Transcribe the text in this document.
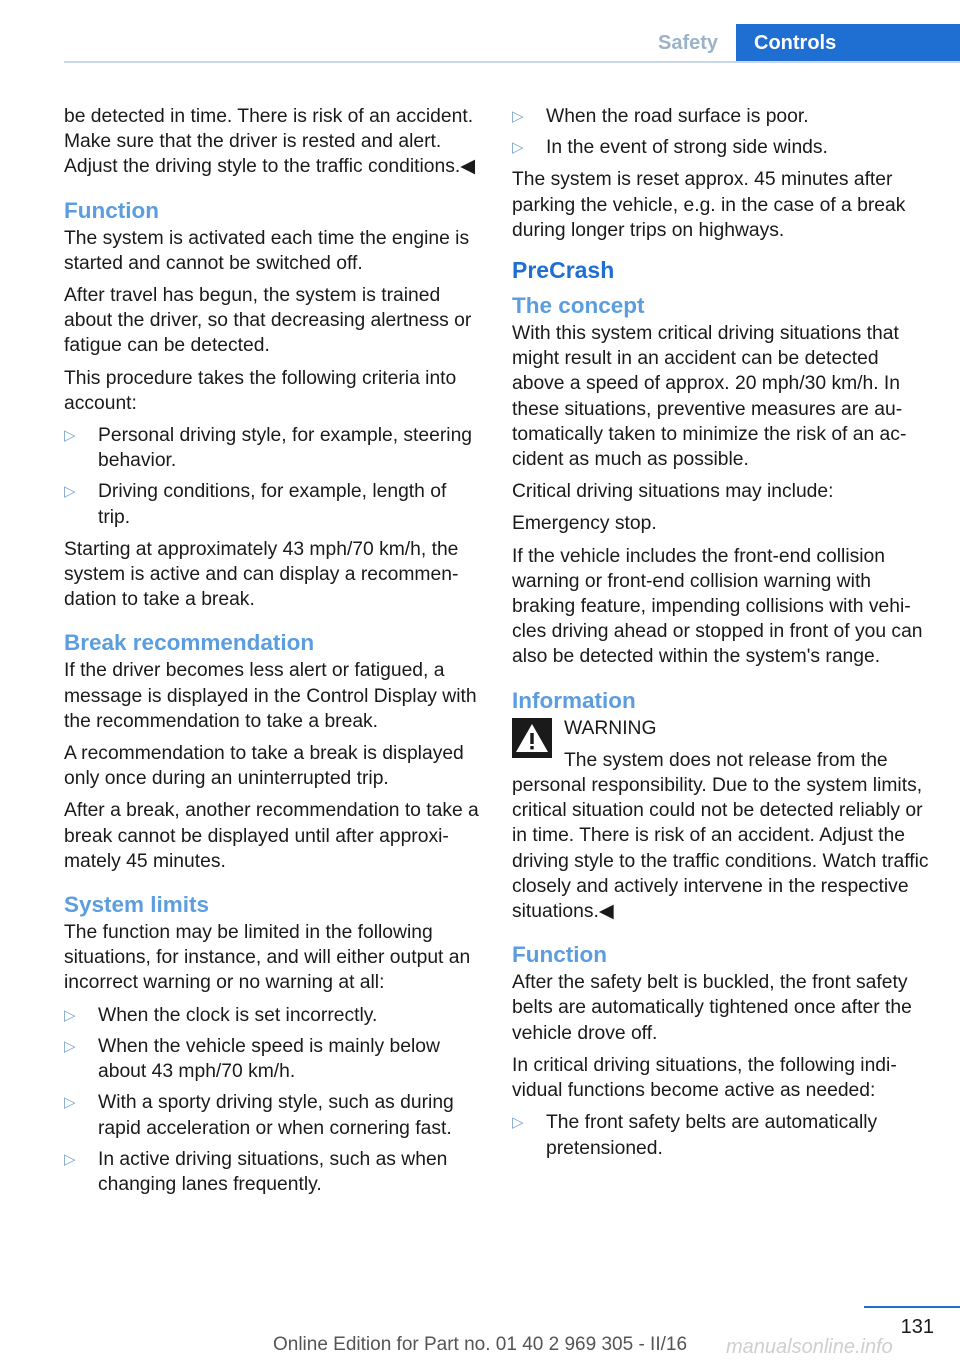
Safety	Controls

be detected in time. There is risk of an accident. Make sure that the driver is rested and alert. Adjust the driving style to the traffic conditions.◀

Function

The system is activated each time the engine is started and cannot be switched off.

After travel has begun, the system is trained about the driver, so that decreasing alertness or fatigue can be detected.

This procedure takes the following criteria into account:

▷ Personal driving style, for example, steering behavior.
▷ Driving conditions, for example, length of trip.

Starting at approximately 43 mph/70 km/h, the system is active and can display a recommendation to take a break.

Break recommendation

If the driver becomes less alert or fatigued, a message is displayed in the Control Display with the recommendation to take a break.

A recommendation to take a break is displayed only once during an uninterrupted trip.

After a break, another recommendation to take a break cannot be displayed until after approximately 45 minutes.

System limits

The function may be limited in the following situations, for instance, and will either output an incorrect warning or no warning at all:

▷ When the clock is set incorrectly.
▷ When the vehicle speed is mainly below about 43 mph/70 km/h.
▷ With a sporty driving style, such as during rapid acceleration or when cornering fast.
▷ In active driving situations, such as when changing lanes frequently.
▷ When the road surface is poor.
▷ In the event of strong side winds.

The system is reset approx. 45 minutes after parking the vehicle, e.g. in the case of a break during longer trips on highways.

PreCrash
The concept

With this system critical driving situations that might result in an accident can be detected above a speed of approx. 20 mph/30 km/h. In these situations, preventive measures are automatically taken to minimize the risk of an accident as much as possible.

Critical driving situations may include:

Emergency stop.

If the vehicle includes the front-end collision warning or front-end collision warning with braking feature, impending collisions with vehicles driving ahead or stopped in front of you can also be detected within the system's range.

Information

WARNING

The system does not release from the
personal responsibility. Due to the system limits, critical situation could not be detected reliably or in time. There is risk of an accident. Adjust the driving style to the traffic conditions. Watch traffic closely and actively intervene in the respective situations.◀

Function

After the safety belt is buckled, the front safety belts are automatically tightened once after the vehicle drove off.

In critical driving situations, the following individual functions become active as needed:

▷ The front safety belts are automatically pretensioned.
131
manualsonline.info
Online Edition for Part no. 01 40 2 969 305 - II/16
